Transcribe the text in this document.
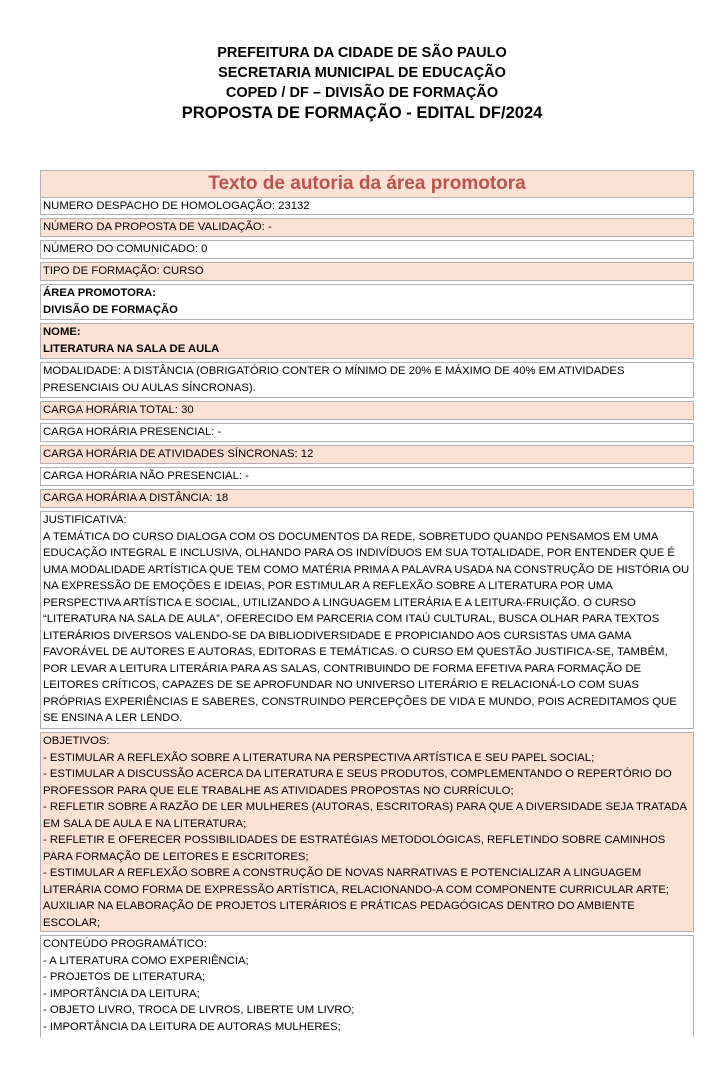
PREFEITURA DA CIDADE DE SÃO PAULO
SECRETARIA MUNICIPAL DE EDUCAÇÃO
COPED / DF – DIVISÃO DE FORMAÇÃO
PROPOSTA DE FORMAÇÃO - EDITAL DF/2024
Texto de autoria da área promotora
NUMERO DESPACHO DE HOMOLOGAÇÃO: 23132
NÚMERO DA PROPOSTA DE VALIDAÇÃO: -
NÚMERO DO COMUNICADO: 0
TIPO DE FORMAÇÃO: CURSO
ÁREA PROMOTORA:
DIVISÃO DE FORMAÇÃO
NOME:
LITERATURA NA SALA DE AULA
MODALIDADE: A DISTÂNCIA (OBRIGATÓRIO CONTER O MÍNIMO DE 20% E MÁXIMO DE 40% EM ATIVIDADES PRESENCIAIS OU AULAS SÍNCRONAS).
CARGA HORÁRIA TOTAL: 30
CARGA HORÁRIA PRESENCIAL: -
CARGA HORÁRIA DE ATIVIDADES SÍNCRONAS: 12
CARGA HORÁRIA NÃO PRESENCIAL: -
CARGA HORÁRIA A DISTÂNCIA: 18
JUSTIFICATIVA:
A TEMÁTICA DO CURSO DIALOGA COM OS DOCUMENTOS DA REDE, SOBRETUDO QUANDO PENSAMOS EM UMA EDUCAÇÃO INTEGRAL E INCLUSIVA, OLHANDO PARA OS INDIVÍDUOS EM SUA TOTALIDADE, POR ENTENDER QUE É UMA MODALIDADE ARTÍSTICA QUE TEM COMO MATÉRIA PRIMA A PALAVRA USADA NA CONSTRUÇÃO DE HISTÓRIA OU NA EXPRESSÃO DE EMOÇÕES E IDEIAS, POR ESTIMULAR A REFLEXÃO SOBRE A LITERATURA POR UMA PERSPECTIVA ARTÍSTICA E SOCIAL, UTILIZANDO A LINGUAGEM LITERÁRIA E A LEITURA-FRUIÇÃO. O CURSO “LITERATURA NA SALA DE AULA”, OFERECIDO EM PARCERIA COM ITAÚ CULTURAL, BUSCA OLHAR PARA TEXTOS LITERÁRIOS DIVERSOS VALENDO-SE DA BIBLIODIVERSIDADE E PROPICIANDO AOS CURSISTAS UMA GAMA FAVORÁVEL DE AUTORES E AUTORAS, EDITORAS E TEMÁTICAS. O CURSO EM QUESTÃO JUSTIFICA-SE, TAMBÉM, POR LEVAR A LEITURA LITERÁRIA PARA AS SALAS, CONTRIBUINDO DE FORMA EFETIVA PARA FORMAÇÃO DE LEITORES CRÍTICOS, CAPAZES DE SE APROFUNDAR NO UNIVERSO LITERÁRIO E RELACIONÁ-LO COM SUAS PRÓPRIAS EXPERIÊNCIAS E SABERES, CONSTRUINDO PERCEPÇÕES DE VIDA E MUNDO, POIS ACREDITAMOS QUE SE ENSINA A LER LENDO.
OBJETIVOS:
- ESTIMULAR A REFLEXÃO SOBRE A LITERATURA NA PERSPECTIVA ARTÍSTICA E SEU PAPEL SOCIAL;
- ESTIMULAR A DISCUSSÃO ACERCA DA LITERATURA E SEUS PRODUTOS, COMPLEMENTANDO O REPERTÓRIO DO PROFESSOR PARA QUE ELE TRABALHE AS ATIVIDADES PROPOSTAS NO CURRÍCULO;
- REFLETIR SOBRE A RAZÃO DE LER MULHERES (AUTORAS, ESCRITORAS) PARA QUE A DIVERSIDADE SEJA TRATADA EM SALA DE AULA E NA LITERATURA;
- REFLETIR E OFERECER POSSIBILIDADES DE ESTRATÉGIAS METODOLÓGICAS, REFLETINDO SOBRE CAMINHOS PARA FORMAÇÃO DE LEITORES E ESCRITORES;
- ESTIMULAR A REFLEXÃO SOBRE A CONSTRUÇÃO DE NOVAS NARRATIVAS E POTENCIALIZAR A LINGUAGEM LITERÁRIA COMO FORMA DE EXPRESSÃO ARTÍSTICA, RELACIONANDO-A COM COMPONENTE CURRICULAR ARTE; AUXILIAR NA ELABORAÇÃO DE PROJETOS LITERÁRIOS E PRÁTICAS PEDAGÓGICAS DENTRO DO AMBIENTE ESCOLAR;
CONTEÚDO PROGRAMÁTICO:
- A LITERATURA COMO EXPERIÊNCIA;
- PROJETOS DE LITERATURA;
- IMPORTÂNCIA DA LEITURA;
- OBJETO LIVRO, TROCA DE LIVROS, LIBERTE UM LIVRO;
- IMPORTÂNCIA DA LEITURA DE AUTORAS MULHERES;
